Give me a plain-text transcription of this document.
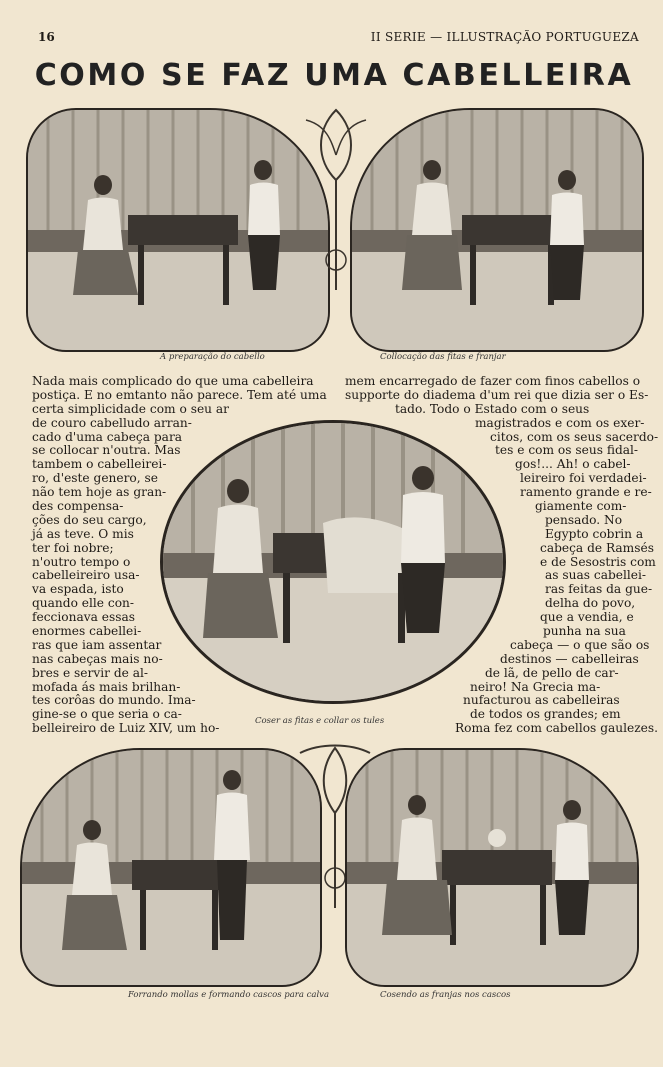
16	II SERIE — ILLUSTRAÇÃO PORTUGUEZA
COMO SE FAZ UMA CABELLEIRA
A preparação do cabello	Collocação das fitas e franjar
Nada mais complicado do que uma cabelleira
postiça. E no emtanto não parece. Tem até uma
certa simplicidade com o seu ar
de couro cabelludo arran-
cado d'uma cabeça para
se collocar n'outra. Mas
tambem o cabelleirei-
ro, d'este genero, se
não tem hoje as gran-
des compensa-
ções do seu cargo,
já as teve. O mis
ter foi nobre;
n'outro tempo o
cabelleireiro usa-
va espada, isto
quando elle con-
feccionava essas
enormes cabellei-
ras que iam assentar
nas cabeças mais no-
bres e servir de al-
mofada ás mais brilhan-
tes corôas do mundo. Ima-
gine-se o que seria o ca-
belleireiro de Luiz XIV, um ho-
mem encarregado de fazer com finos cabellos o
supporte do diadema d'um rei que dizia ser o Es-
tado. Todo o Estado com o seus
magistrados e com os exer-
citos, com os seus sacerdo-
tes e com os seus fidal-
gos!... Ah! o cabel-
leireiro foi verdadei-
ramento grande e re-
giamente com-
pensado. No
Egypto cobrin a
cabeça de Ramsés
e de Sesostris com
as suas cabellei-
ras feitas da gue-
delha do povo,
que a vendia, e
punha na sua
cabeça — o que são os
destinos — cabelleiras
de lã, de pello de car-
neiro! Na Grecia ma-
nufacturou as cabelleiras
de todos os grandes; em
Roma fez com cabellos gaulezes.
Coser as fitas e collar os tules
Forrando mollas e formando cascos para calva	Cosendo as franjas nos cascos
